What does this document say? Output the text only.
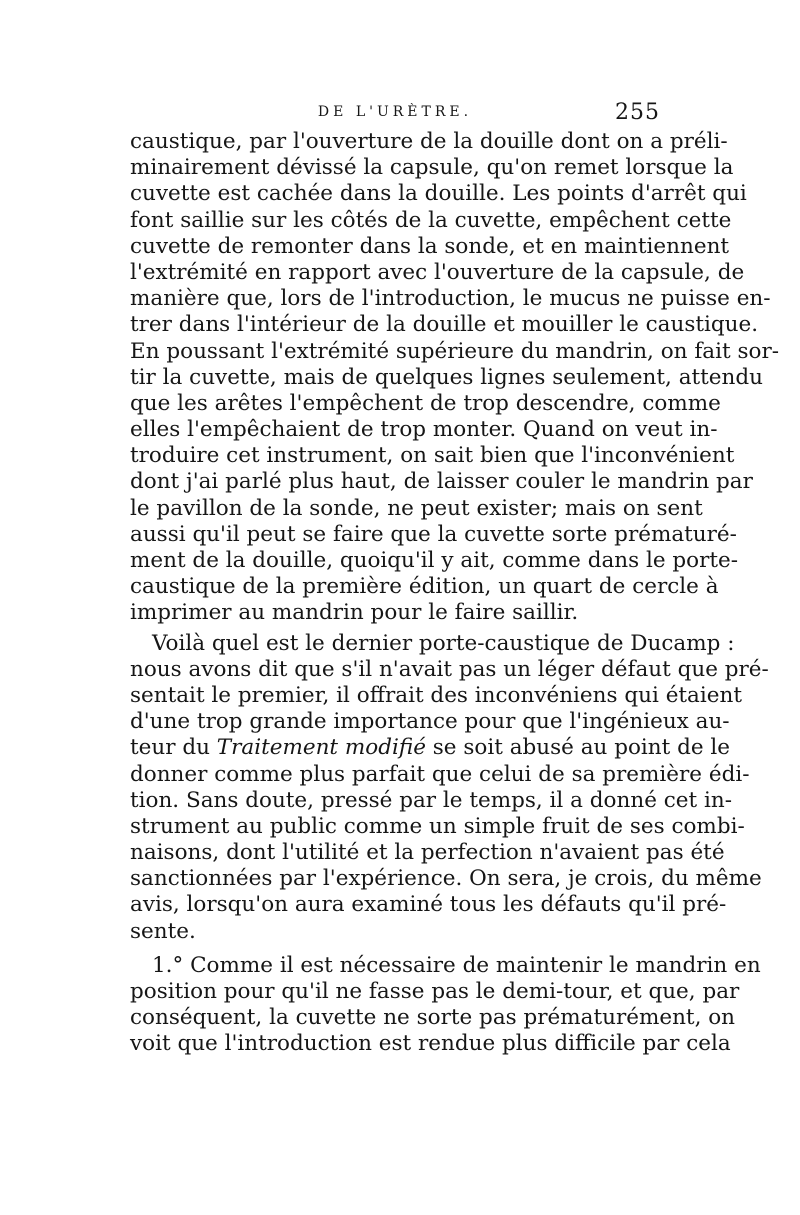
DE L'URÈTRE.	255
caustique, par l'ouverture de la douille dont on a préli-
minairement dévissé la capsule, qu'on remet lorsque la
cuvette est cachée dans la douille. Les points d'arrêt qui
font saillie sur les côtés de la cuvette, empêchent cette
cuvette de remonter dans la sonde, et en maintiennent
l'extrémité en rapport avec l'ouverture de la capsule, de
manière que, lors de l'introduction, le mucus ne puisse en-
trer dans l'intérieur de la douille et mouiller le caustique.
En poussant l'extrémité supérieure du mandrin, on fait sor-
tir la cuvette, mais de quelques lignes seulement, attendu
que les arêtes l'empêchent de trop descendre, comme
elles l'empêchaient de trop monter. Quand on veut in-
troduire cet instrument, on sait bien que l'inconvénient
dont j'ai parlé plus haut, de laisser couler le mandrin par
le pavillon de la sonde, ne peut exister; mais on sent
aussi qu'il peut se faire que la cuvette sorte prématuré-
ment de la douille, quoiqu'il y ait, comme dans le porte-
caustique de la première édition, un quart de cercle à
imprimer au mandrin pour le faire saillir.
Voilà quel est le dernier porte-caustique de Ducamp :
nous avons dit que s'il n'avait pas un léger défaut que pré-
sentait le premier, il offrait des inconvéniens qui étaient
d'une trop grande importance pour que l'ingénieux au-
teur du Traitement modifié se soit abusé au point de le
donner comme plus parfait que celui de sa première édi-
tion. Sans doute, pressé par le temps, il a donné cet in-
strument au public comme un simple fruit de ses combi-
naisons, dont l'utilité et la perfection n'avaient pas été
sanctionnées par l'expérience. On sera, je crois, du même
avis, lorsqu'on aura examiné tous les défauts qu'il pré-
sente.
1.° Comme il est nécessaire de maintenir le mandrin en
position pour qu'il ne fasse pas le demi-tour, et que, par
conséquent, la cuvette ne sorte pas prématurément, on
voit que l'introduction est rendue plus difficile par cela
